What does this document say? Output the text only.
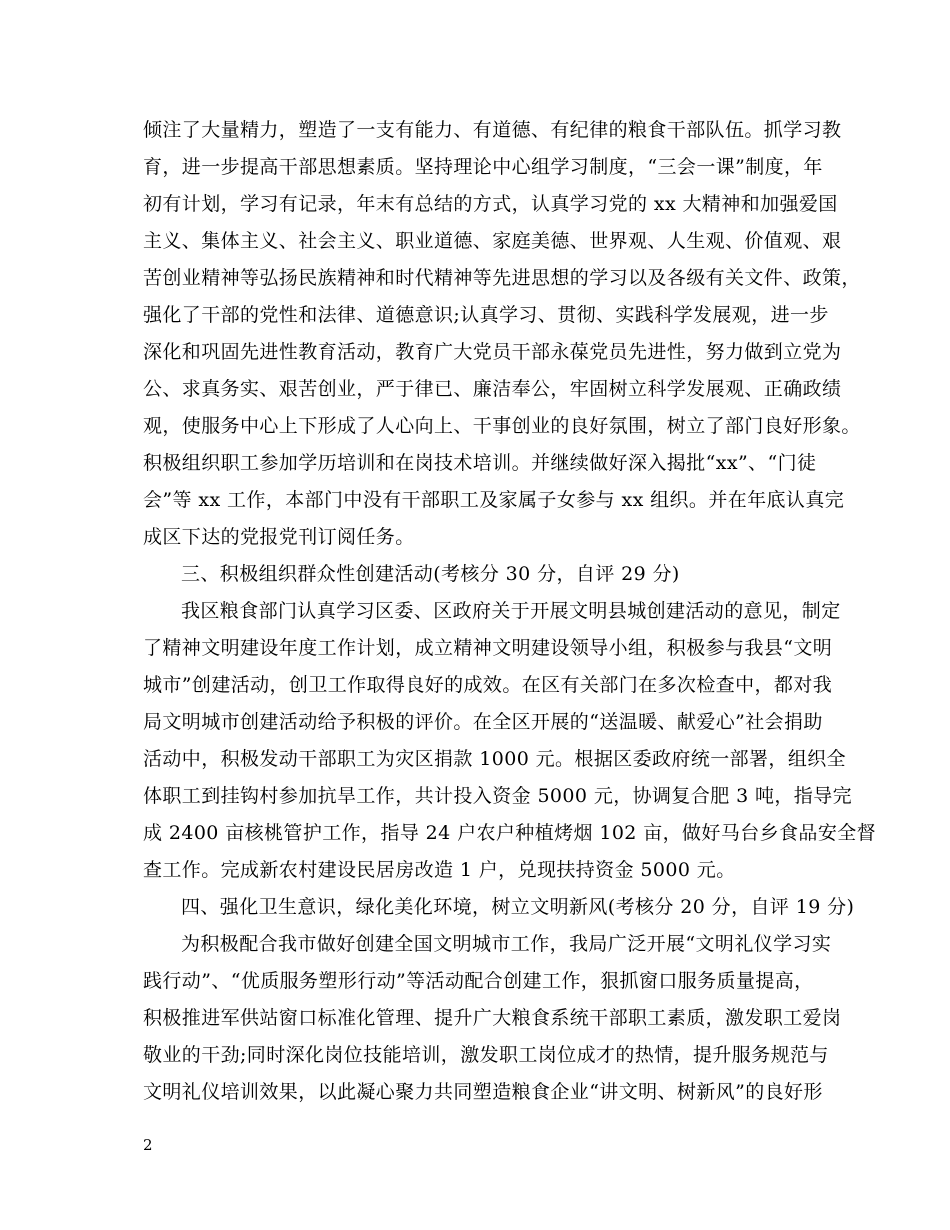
倾注了大量精力，塑造了一支有能力、有道德、有纪律的粮食干部队伍。抓学习教
育，进一步提高干部思想素质。坚持理论中心组学习制度，“三会一课”制度，年
初有计划，学习有记录，年末有总结的方式，认真学习党的 xx 大精神和加强爱国
主义、集体主义、社会主义、职业道德、家庭美德、世界观、人生观、价值观、艰
苦创业精神等弘扬民族精神和时代精神等先进思想的学习以及各级有关文件、政策，
强化了干部的党性和法律、道德意识;认真学习、贯彻、实践科学发展观，进一步
深化和巩固先进性教育活动，教育广大党员干部永葆党员先进性，努力做到立党为
公、求真务实、艰苦创业，严于律已、廉洁奉公，牢固树立科学发展观、正确政绩
观，使服务中心上下形成了人心向上、干事创业的良好氛围，树立了部门良好形象。
积极组织职工参加学历培训和在岗技术培训。并继续做好深入揭批“xx”、“门徒
会”等 xx 工作，本部门中没有干部职工及家属子女参与 xx 组织。并在年底认真完
成区下达的党报党刊订阅任务。
三、积极组织群众性创建活动(考核分 30 分，自评 29 分)
我区粮食部门认真学习区委、区政府关于开展文明县城创建活动的意见，制定
了精神文明建设年度工作计划，成立精神文明建设领导小组，积极参与我县“文明
城市”创建活动，创卫工作取得良好的成效。在区有关部门在多次检查中，都对我
局文明城市创建活动给予积极的评价。在全区开展的“送温暖、献爱心”社会捐助
活动中，积极发动干部职工为灾区捐款 1000 元。根据区委政府统一部署，组织全
体职工到挂钩村参加抗旱工作，共计投入资金 5000 元，协调复合肥 3 吨，指导完
成 2400 亩核桃管护工作，指导 24 户农户种植烤烟 102 亩，做好马台乡食品安全督
查工作。完成新农村建设民居房改造 1 户，兑现扶持资金 5000 元。
四、强化卫生意识，绿化美化环境，树立文明新风(考核分 20 分，自评 19 分)
为积极配合我市做好创建全国文明城市工作，我局广泛开展“文明礼仪学习实
践行动”、“优质服务塑形行动”等活动配合创建工作，狠抓窗口服务质量提高，
积极推进军供站窗口标准化管理、提升广大粮食系统干部职工素质，激发职工爱岗
敬业的干劲;同时深化岗位技能培训，激发职工岗位成才的热情，提升服务规范与
文明礼仪培训效果，以此凝心聚力共同塑造粮食企业“讲文明、树新风”的良好形
2
